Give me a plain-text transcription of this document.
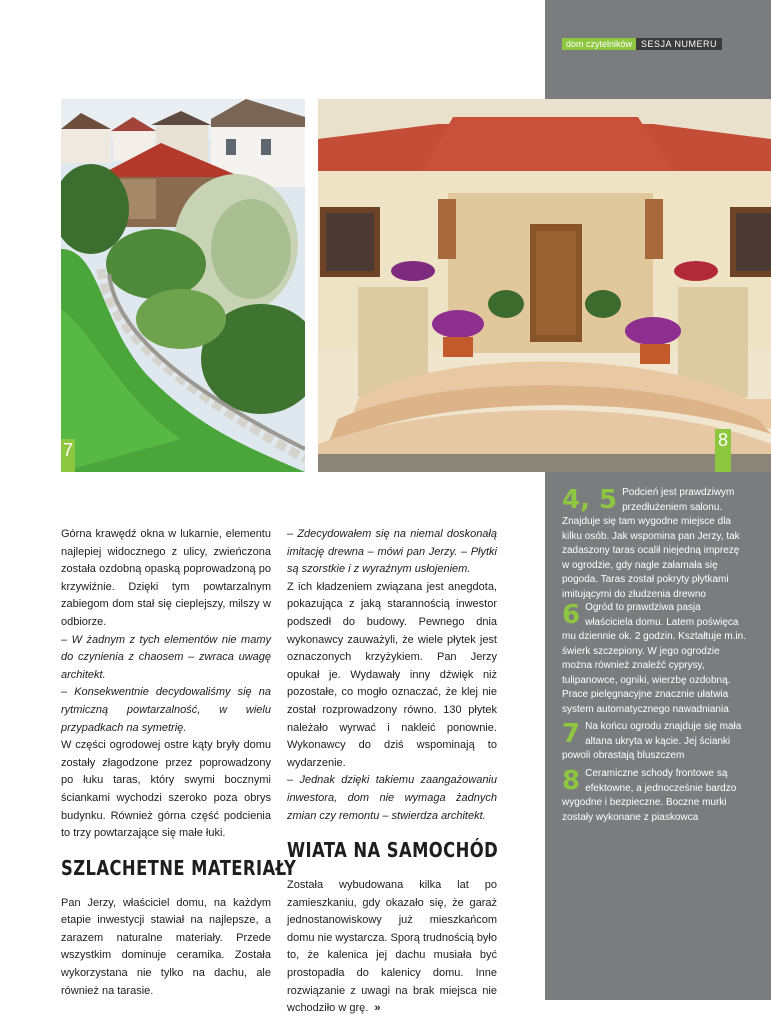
dom czytelników	SESJA NUMERU
7	8

Górna krawędź okna w lukarnie, elementu najlepiej widocznego z ulicy, zwieńczona została ozdobną opaską poprowadzoną po krzywiźnie. Dzięki tym powtarzalnym zabiegom dom stał się cieplejszy, milszy w odbiorze.

– W żadnym z tych elementów nie mamy do czynienia z chaosem – zwraca uwagę architekt.

– Konsekwentnie decydowaliśmy się na rytmiczną powtarzalność, w wielu przypadkach na symetrię.

W części ogrodowej ostre kąty bryły domu zostały złagodzone przez poprowadzony po łuku taras, który swymi bocznymi ściankami wychodzi szeroko poza obrys budynku. Również górna część podcienia to trzy powtarzające się małe łuki.

SZLACHETNE MATERIAŁY

Pan Jerzy, właściciel domu, na każdym etapie inwestycji stawiał na najlepsze, a zarazem naturalne materiały. Przede wszystkim dominuje ceramika. Została wykorzystana nie tylko na dachu, ale również na tarasie.

– Zdecydowałem się na niemal doskonałą imitację drewna – mówi pan Jerzy. – Płytki są szorstkie i z wyraźnym usłojeniem.

Z ich kładzeniem związana jest anegdota, pokazująca z jaką starannością inwestor podszedł do budowy. Pewnego dnia wykonawcy zauważyli, że wiele płytek jest oznaczonych krzyżykiem. Pan Jerzy opukał je. Wydawały inny dźwięk niż pozostałe, co mogło oznaczać, że klej nie został rozprowadzony równo. 130 płytek należało wyrwać i nakleić ponownie. Wykonawcy do dziś wspominają to wydarzenie.

– Jednak dzięki takiemu zaangażowaniu inwestora, dom nie wymaga żadnych zmian czy remontu – stwierdza architekt.

WIATA NA SAMOCHÓD

Została wybudowana kilka lat po zamieszkaniu, gdy okazało się, że garaż jednostanowiskowy już mieszkańcom domu nie wystarcza. Sporą trudnością było to, że kalenica jej dachu musiała być prostopadła do kalenicy domu. Inne rozwiązanie z uwagi na brak miejsca nie wchodziło w grę. »

4, 5 Podcień jest prawdziwym przedłużeniem salonu. Znajduje się tam wygodne miejsce dla kilku osób. Jak wspomina pan Jerzy, tak zadaszony taras ocalił niejedną imprezę w ogrodzie, gdy nagle załamała się pogoda. Taras został pokryty płytkami imitującymi do złudzenia drewno

6 Ogród to prawdziwa pasja właściciela domu. Latem poświęca mu dziennie ok. 2 godzin. Kształtuje m.in. świerk szczepiony. W jego ogrodzie można również znaleźć cyprysy, tulipanowce, ogniki, wierzbę ozdobną. Prace pielęgnacyjne znacznie ułatwia system automatycznego nawadniania

7 Na końcu ogrodu znajduje się mała altana ukryta w kącie. Jej ścianki powoli obrastają bluszczem

8 Ceramiczne schody frontowe są efektowne, a jednocześnie bardzo wygodne i bezpieczne. Boczne murki zostały wykonane z piaskowca
